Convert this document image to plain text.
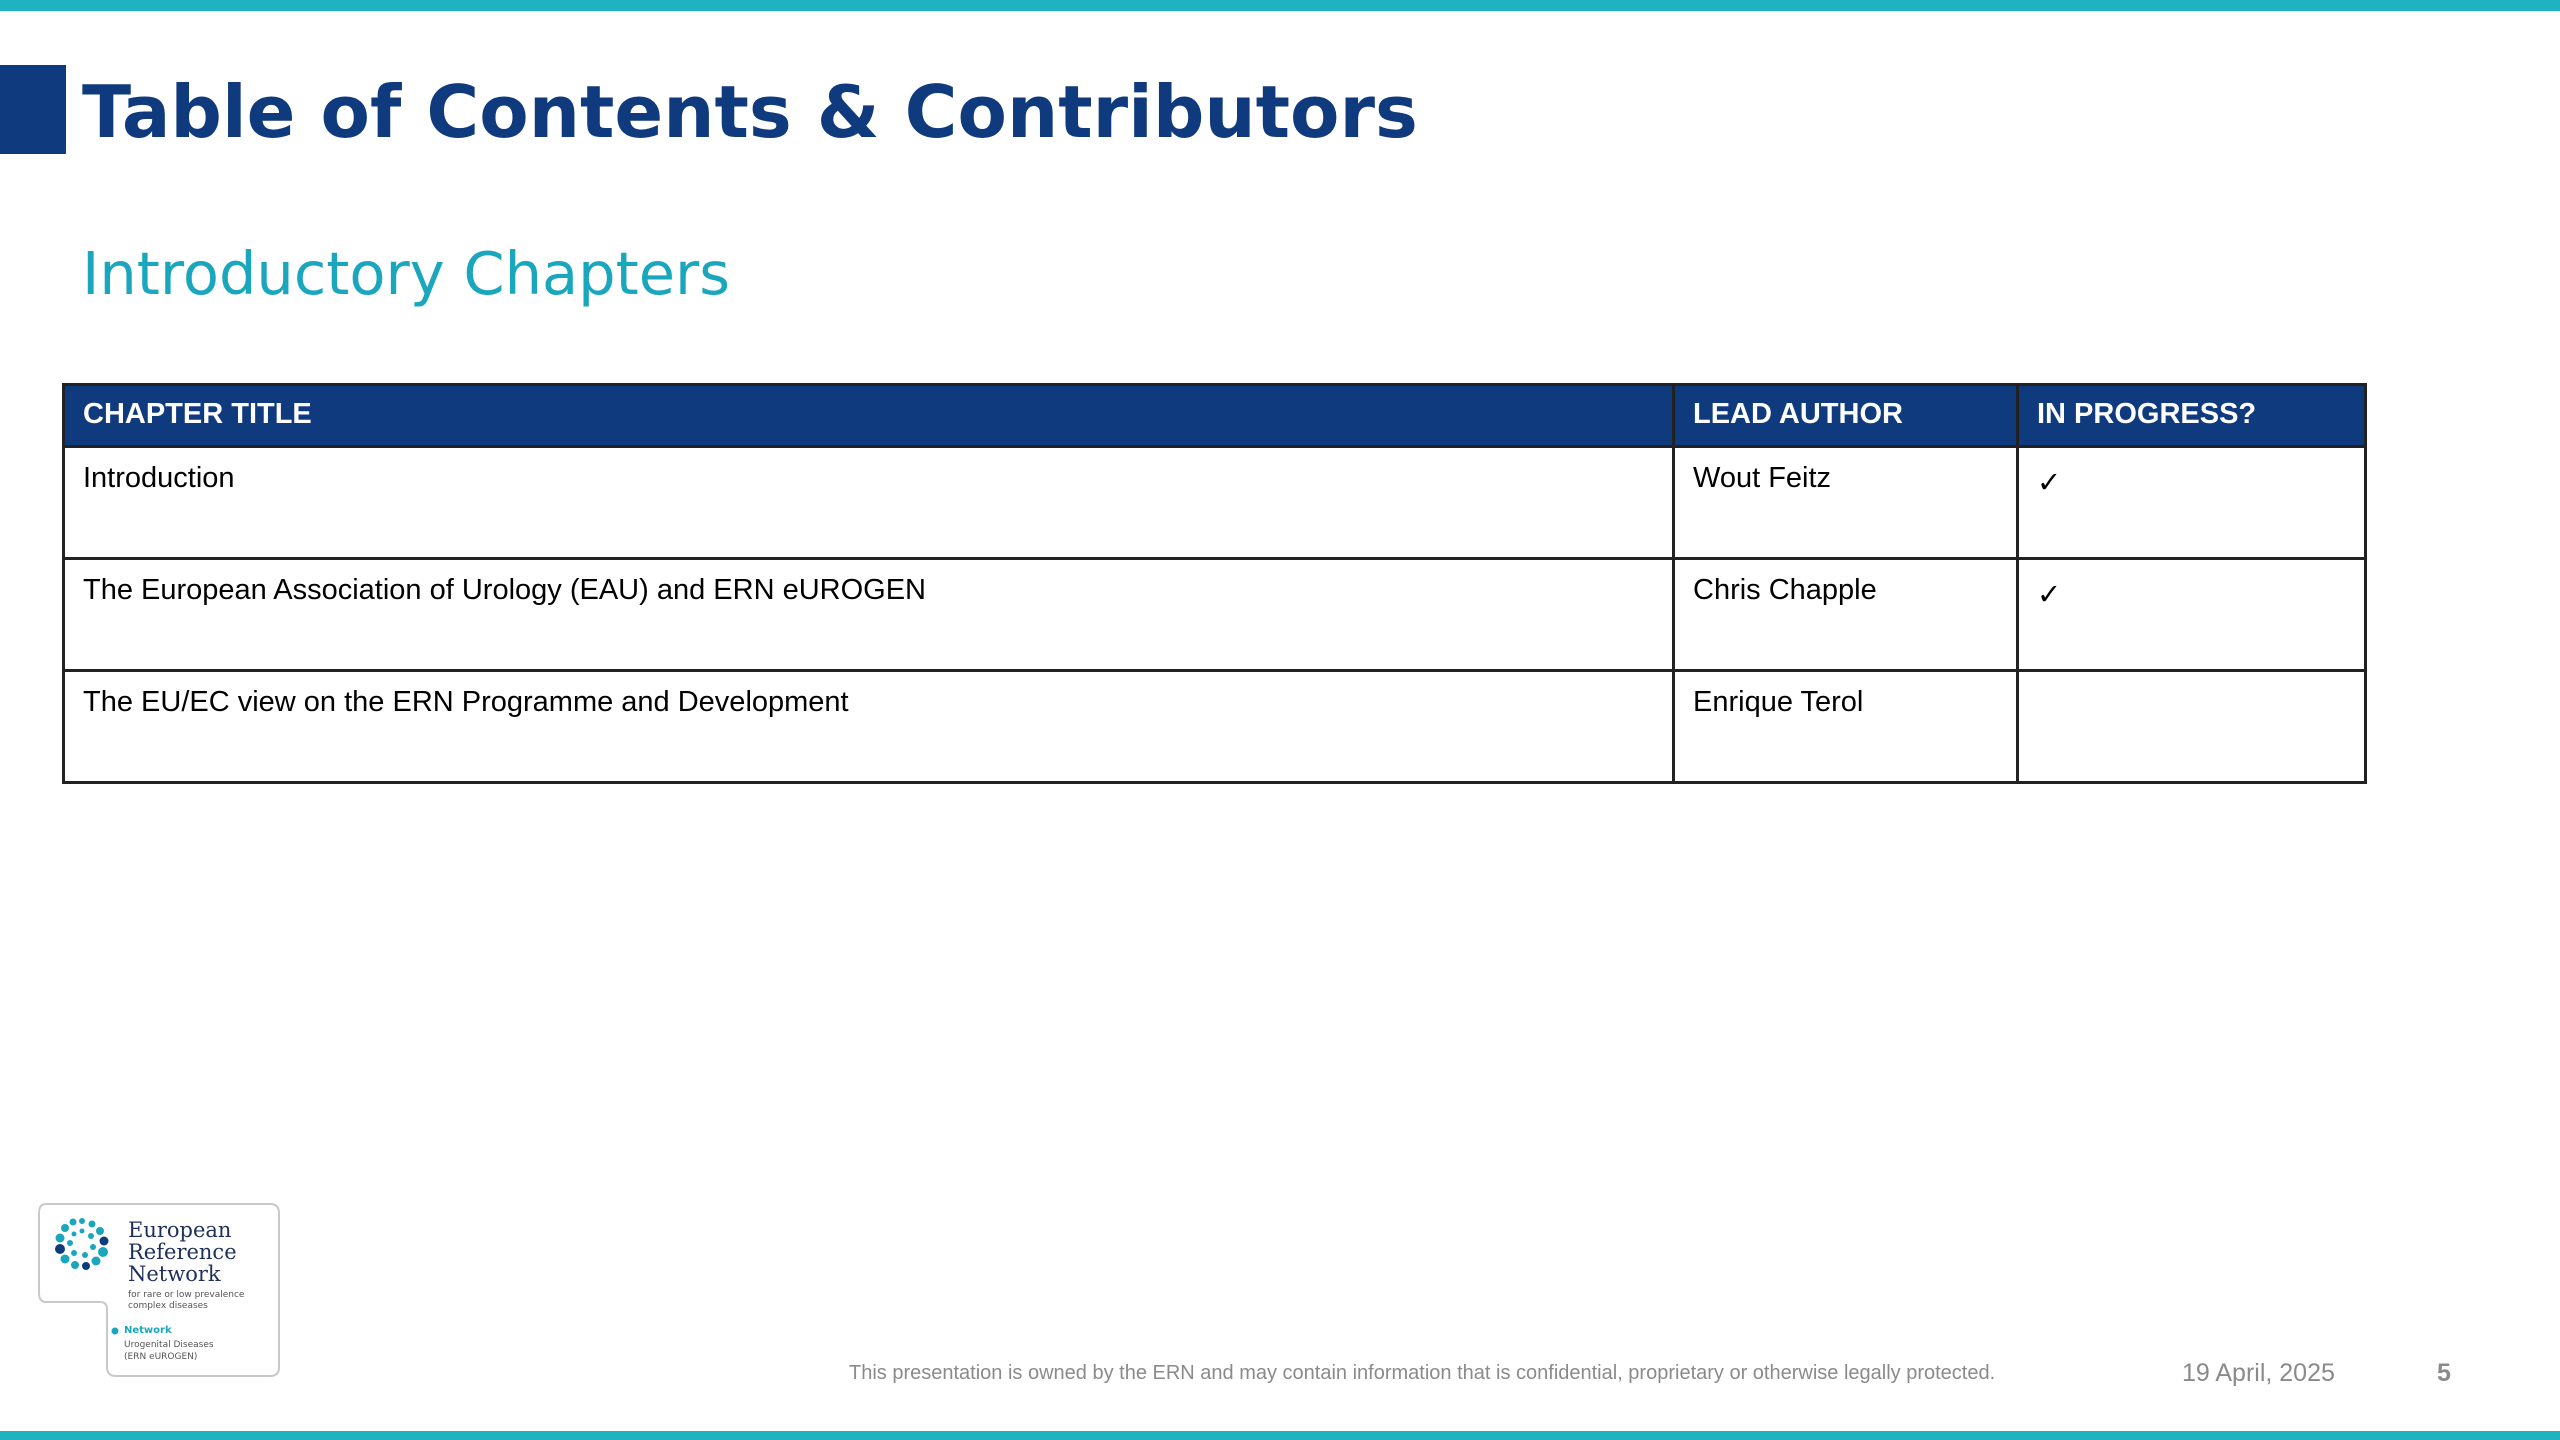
Table of Contents & Contributors
Introductory Chapters
CHAPTER TITLE	LEAD AUTHOR	IN PROGRESS?
Introduction	Wout Feitz	✓
The European Association of Urology (EAU) and ERN eUROGEN	Chris Chapple	✓
The EU/EC view on the ERN Programme and Development	Enrique Terol	
European
Reference
Network
for rare or low prevalence
complex diseases
Network
Urogenital Diseases
(ERN eUROGEN)
This presentation is owned by the ERN and may contain information that is confidential, proprietary or otherwise legally protected.	19 April, 2025	5
